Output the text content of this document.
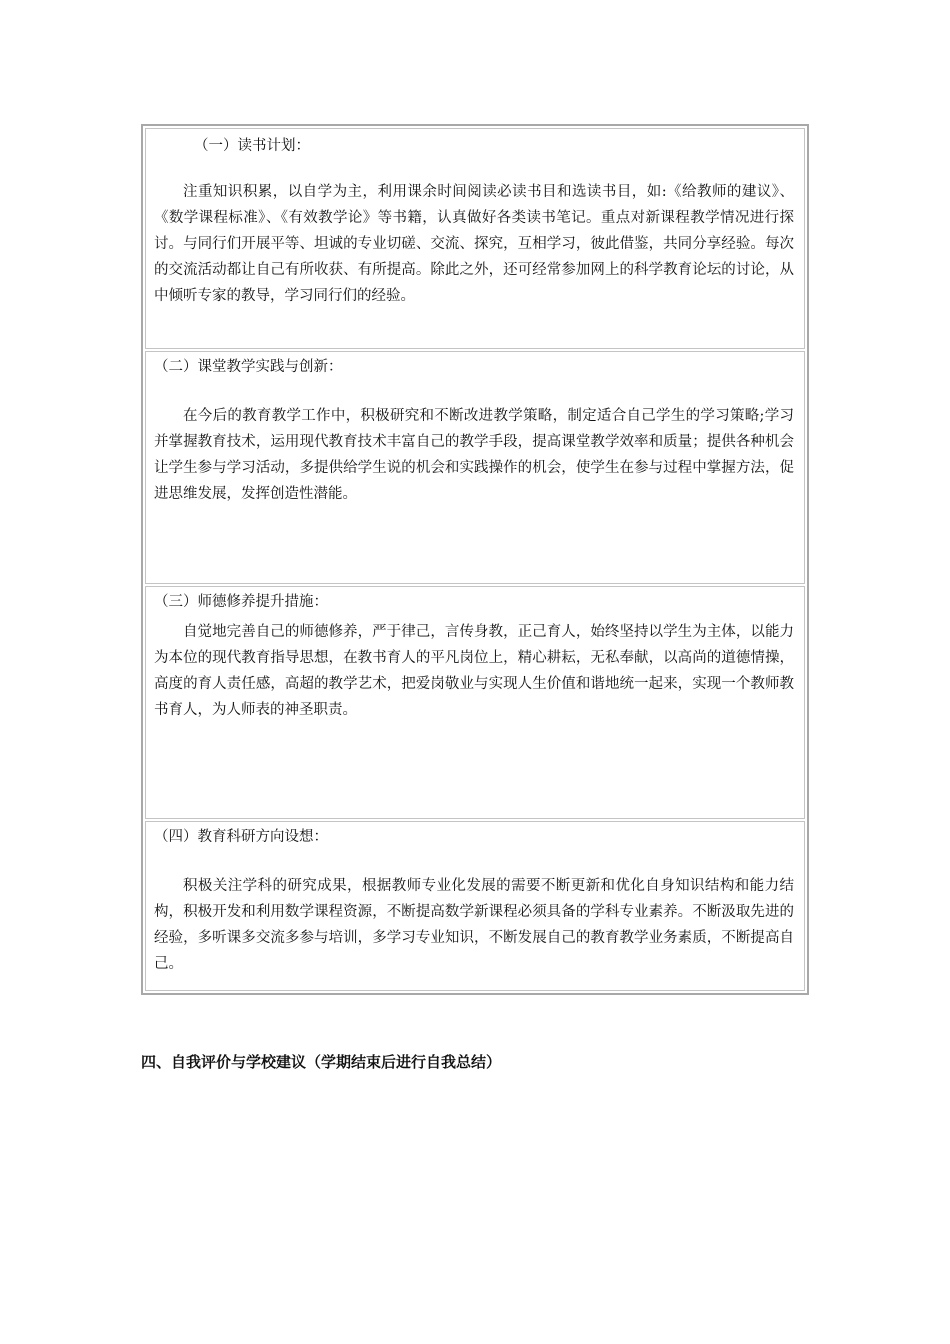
（一）读书计划：

注重知识积累，以自学为主，利用课余时间阅读必读书目和选读书目，如:《给教师的建议》、《数学课程标准》、《有效教学论》等书籍，认真做好各类读书笔记。重点对新课程教学情况进行探讨。与同行们开展平等、坦诚的专业切磋、交流、探究，互相学习，彼此借鉴，共同分享经验。每次的交流活动都让自己有所收获、有所提高。除此之外，还可经常参加网上的科学教育论坛的讨论，从中倾听专家的教导，学习同行们的经验。

（二）课堂教学实践与创新：

在今后的教育教学工作中，积极研究和不断改进教学策略，制定适合自己学生的学习策略;学习并掌握教育技术，运用现代教育技术丰富自己的教学手段，提高课堂教学效率和质量；提供各种机会让学生参与学习活动，多提供给学生说的机会和实践操作的机会，使学生在参与过程中掌握方法，促进思维发展，发挥创造性潜能。

（三）师德修养提升措施：

自觉地完善自己的师德修养，严于律己，言传身教，正己育人，始终坚持以学生为主体，以能力为本位的现代教育指导思想，在教书育人的平凡岗位上，精心耕耘，无私奉献，以高尚的道德情操，高度的育人责任感，高超的教学艺术，把爱岗敬业与实现人生价值和谐地统一起来，实现一个教师教书育人，为人师表的神圣职责。

（四）教育科研方向设想：

积极关注学科的研究成果，根据教师专业化发展的需要不断更新和优化自身知识结构和能力结构，积极开发和利用数学课程资源，不断提高数学新课程必须具备的学科专业素养。不断汲取先进的经验，多听课多交流多参与培训，多学习专业知识，不断发展自己的教育教学业务素质，不断提高自己。

四、自我评价与学校建议（学期结束后进行自我总结）
